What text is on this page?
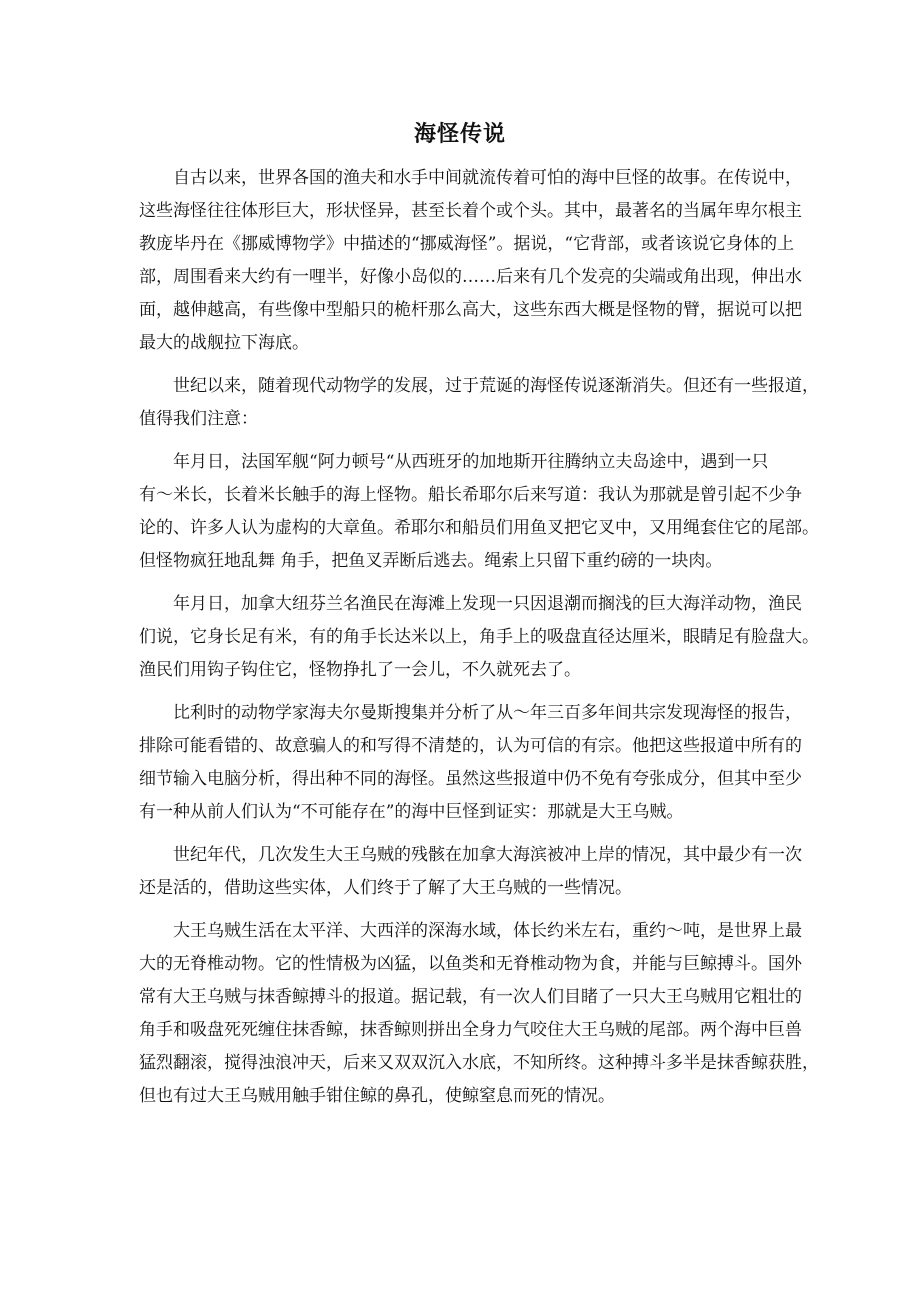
海怪传说
自古以来，世界各国的渔夫和水手中间就流传着可怕的海中巨怪的故事。在传说中，
这些海怪往往体形巨大，形状怪异，甚至长着个或个头。其中，最著名的当属年卑尔根主
教庞毕丹在《挪威博物学》中描述的“挪威海怪”。据说，“它背部，或者该说它身体的上
部，周围看来大约有一哩半，好像小岛似的……后来有几个发亮的尖端或角出现，伸出水
面，越伸越高，有些像中型船只的桅杆那么高大，这些东西大概是怪物的臂，据说可以把
最大的战舰拉下海底。
世纪以来，随着现代动物学的发展，过于荒诞的海怪传说逐渐消失。但还有一些报道，
值得我们注意：
年月日，法国军舰“阿力顿号“从西班牙的加地斯开往腾纳立夫岛途中，遇到一只
有～米长，长着米长触手的海上怪物。船长希耶尔后来写道：我认为那就是曾引起不少争
论的、许多人认为虚构的大章鱼。希耶尔和船员们用鱼叉把它叉中，又用绳套住它的尾部。
但怪物疯狂地乱舞 角手，把鱼叉弄断后逃去。绳索上只留下重约磅的一块肉。
年月日，加拿大纽芬兰名渔民在海滩上发现一只因退潮而搁浅的巨大海洋动物，渔民
们说，它身长足有米，有的角手长达米以上，角手上的吸盘直径达厘米，眼睛足有脸盘大。
渔民们用钩子钩住它，怪物挣扎了一会儿，不久就死去了。
比利时的动物学家海夫尔曼斯搜集并分析了从～年三百多年间共宗发现海怪的报告，
排除可能看错的、故意骗人的和写得不清楚的，认为可信的有宗。他把这些报道中所有的
细节输入电脑分析，得出种不同的海怪。虽然这些报道中仍不免有夸张成分，但其中至少
有一种从前人们认为“不可能存在”的海中巨怪到证实：那就是大王乌贼。
世纪年代，几次发生大王乌贼的残骸在加拿大海滨被冲上岸的情况，其中最少有一次
还是活的，借助这些实体，人们终于了解了大王乌贼的一些情况。
大王乌贼生活在太平洋、大西洋的深海水域，体长约米左右，重约～吨，是世界上最
大的无脊椎动物。它的性情极为凶猛，以鱼类和无脊椎动物为食，并能与巨鲸搏斗。国外
常有大王乌贼与抹香鲸搏斗的报道。据记载，有一次人们目睹了一只大王乌贼用它粗壮的
角手和吸盘死死缠住抹香鲸，抹香鲸则拼出全身力气咬住大王乌贼的尾部。两个海中巨兽
猛烈翻滚，搅得浊浪冲天，后来又双双沉入水底，不知所终。这种搏斗多半是抹香鲸获胜，
但也有过大王乌贼用触手钳住鲸的鼻孔，使鲸窒息而死的情况。
